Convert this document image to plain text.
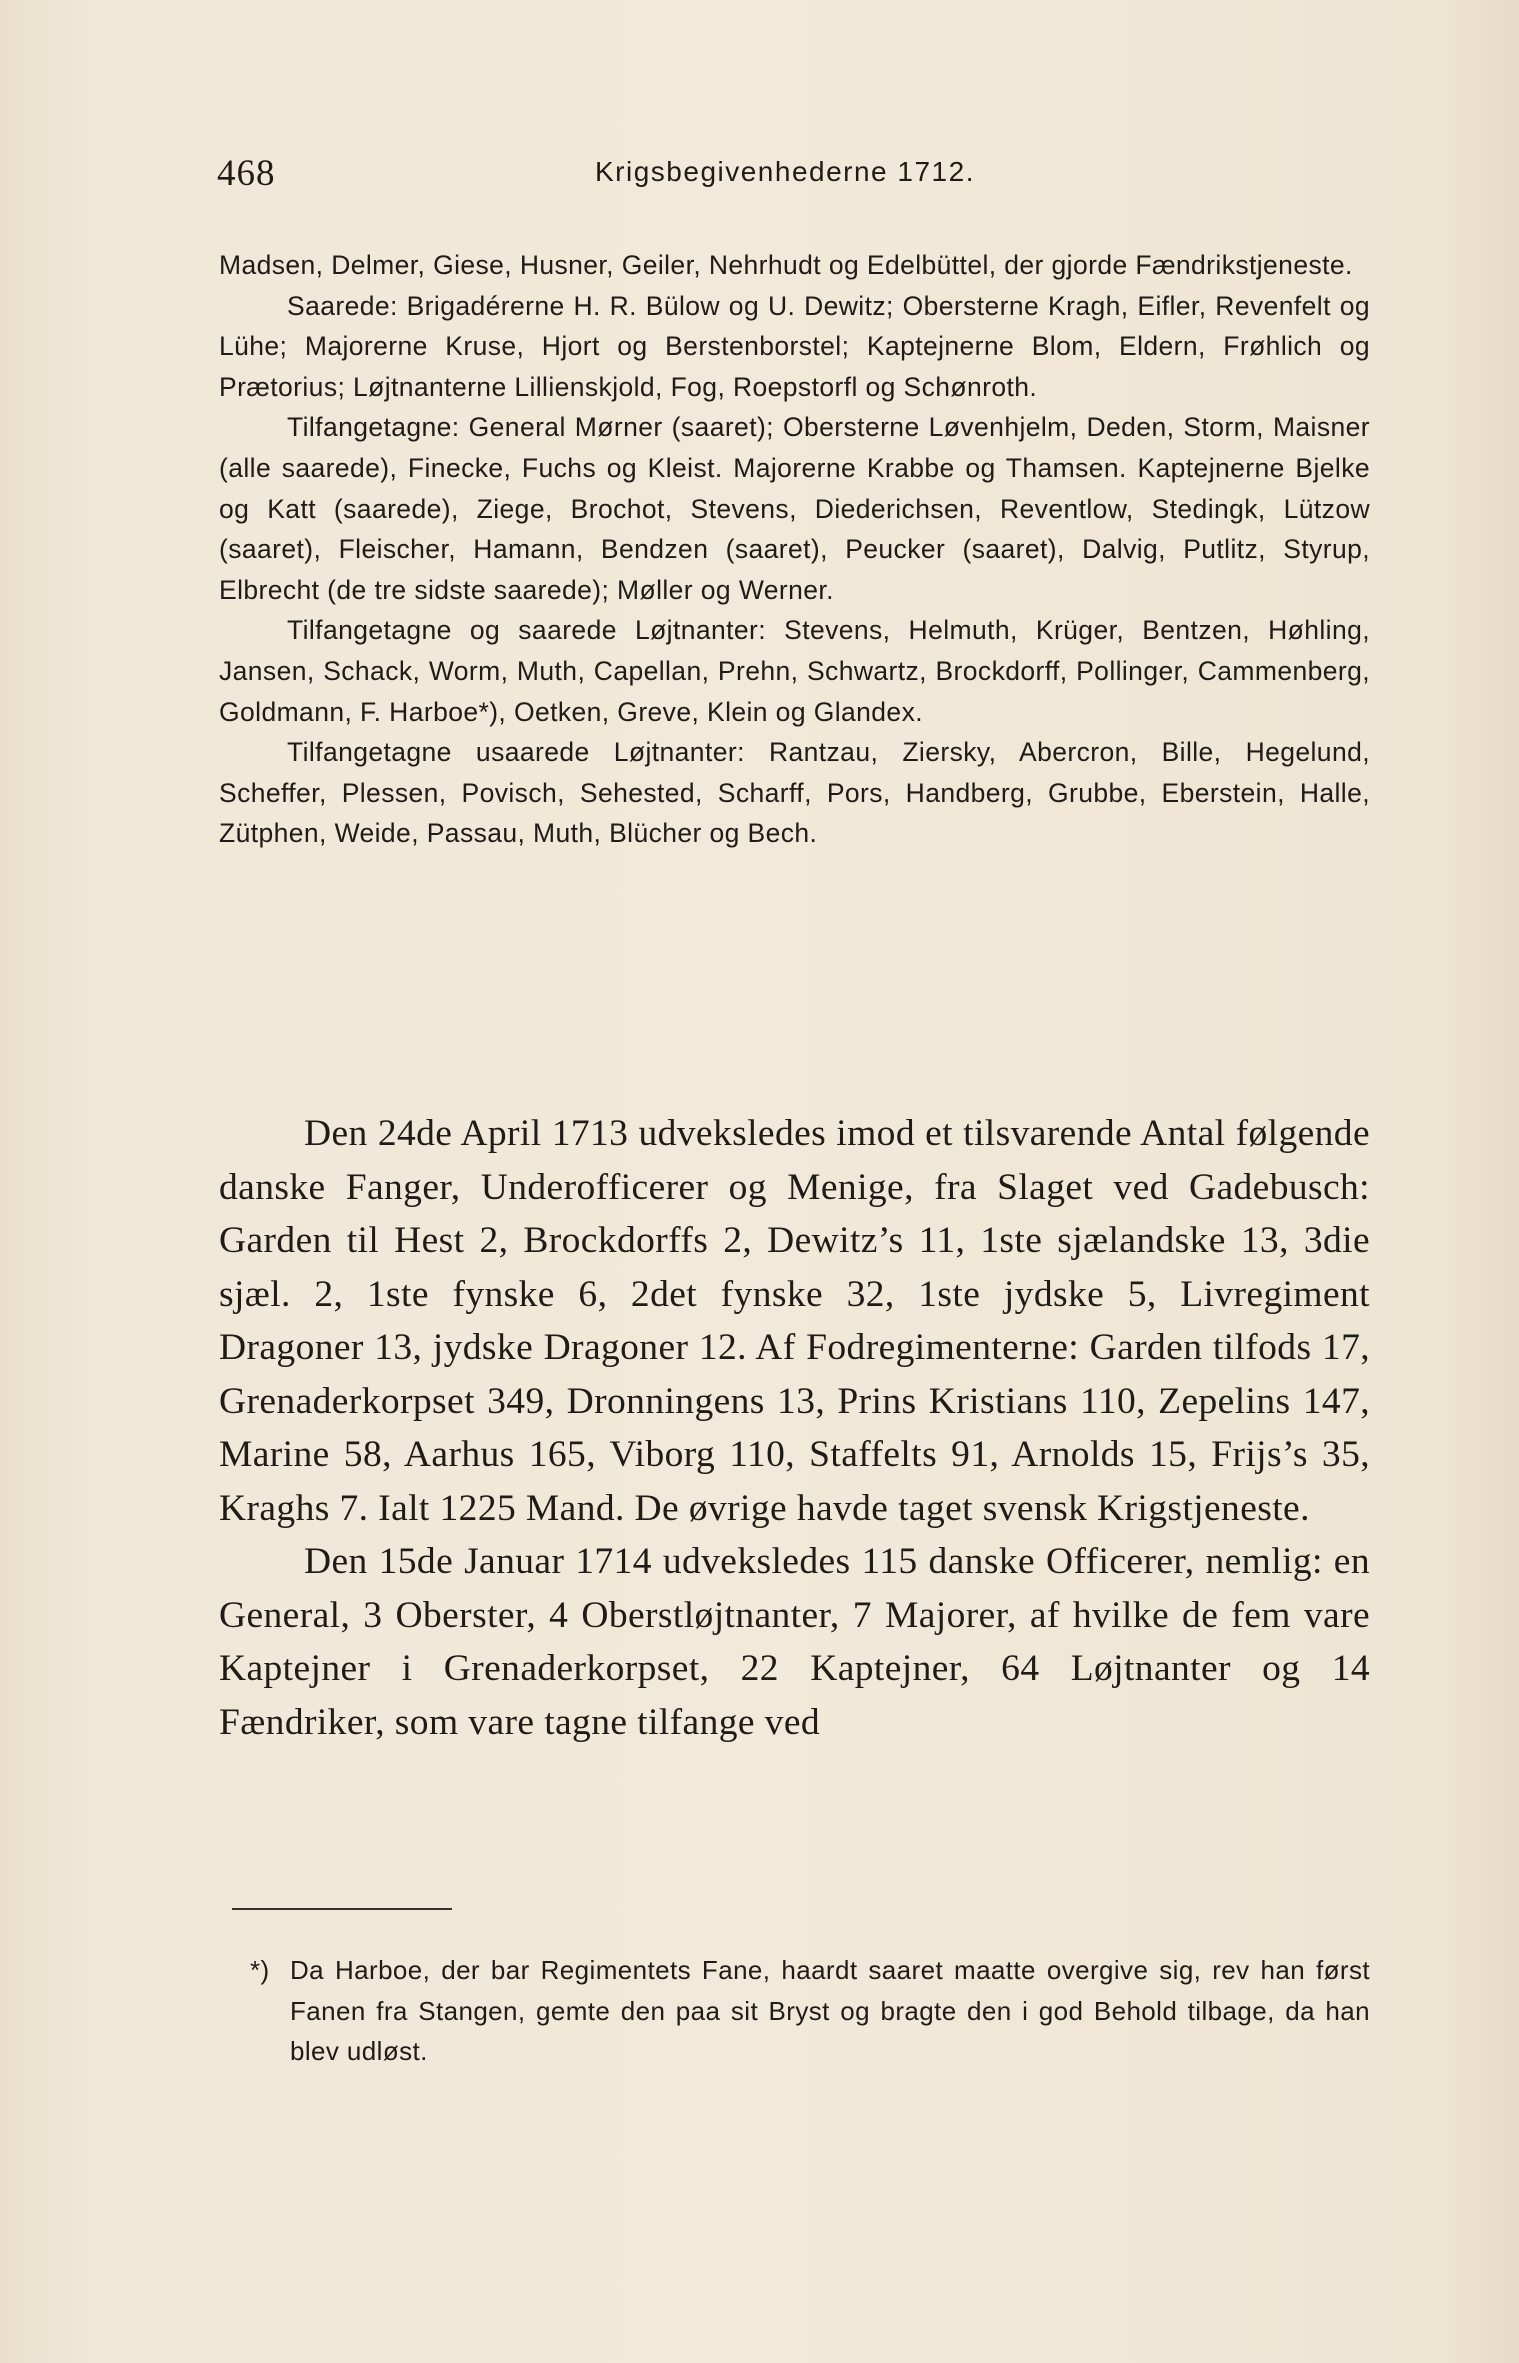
468	Krigsbegivenhederne 1712.

Madsen, Delmer, Giese, Husner, Geiler, Nehrhudt og Edelbüttel, der gjorde Fændrikstjeneste.

Saarede: Brigadérerne H. R. Bülow og U. Dewitz; Obersterne Kragh, Eifler, Revenfelt og Lühe; Majorerne Kruse, Hjort og Berstenborstel; Kaptejnerne Blom, Eldern, Frøhlich og Prætorius; Løjtnanterne Lillienskjold, Fog, Roepstorfl og Schønroth.

Tilfangetagne: General Mørner (saaret); Obersterne Løvenhjelm, Deden, Storm, Maisner (alle saarede), Finecke, Fuchs og Kleist. Majorerne Krabbe og Thamsen. Kaptejnerne Bjelke og Katt (saarede), Ziege, Brochot, Stevens, Diederichsen, Reventlow, Stedingk, Lützow (saaret), Fleischer, Hamann, Bendzen (saaret), Peucker (saaret), Dalvig, Putlitz, Styrup, Elbrecht (de tre sidste saarede); Møller og Werner.

Tilfangetagne og saarede Løjtnanter: Stevens, Helmuth, Krüger, Bentzen, Høhling, Jansen, Schack, Worm, Muth, Capellan, Prehn, Schwartz, Brockdorff, Pollinger, Cammenberg, Goldmann, F. Harboe*), Oetken, Greve, Klein og Glandex.

Tilfangetagne usaarede Løjtnanter: Rantzau, Ziersky, Abercron, Bille, Hegelund, Scheffer, Plessen, Povisch, Sehested, Scharff, Pors, Handberg, Grubbe, Eberstein, Halle, Zütphen, Weide, Passau, Muth, Blücher og Bech.

Den 24de April 1713 udveksledes imod et tilsvarende Antal følgende danske Fanger, Underofficerer og Menige, fra Slaget ved Gadebusch: Garden til Hest 2, Brockdorffs 2, Dewitz’s 11, 1ste sjælandske 13, 3die sjæl. 2, 1ste fynske 6, 2det fynske 32, 1ste jydske 5, Livregiment Dragoner 13, jydske Dragoner 12. Af Fodregimenterne: Garden tilfods 17, Grenaderkorpset 349, Dronningens 13, Prins Kristians 110, Zepelins 147, Marine 58, Aarhus 165, Viborg 110, Staffelts 91, Arnolds 15, Frijs’s 35, Kraghs 7. Ialt 1225 Mand. De øvrige havde taget svensk Krigstjeneste.

Den 15de Januar 1714 udveksledes 115 danske Officerer, nemlig: en General, 3 Oberster, 4 Oberstløjtnanter, 7 Majorer, af hvilke de fem vare Kaptejner i Grenaderkorpset, 22 Kaptejner, 64 Løjtnanter og 14 Fændriker, som vare tagne tilfange ved

*) Da Harboe, der bar Regimentets Fane, haardt saaret maatte overgive sig, rev han først Fanen fra Stangen, gemte den paa sit Bryst og bragte den i god Behold tilbage, da han blev udløst.
